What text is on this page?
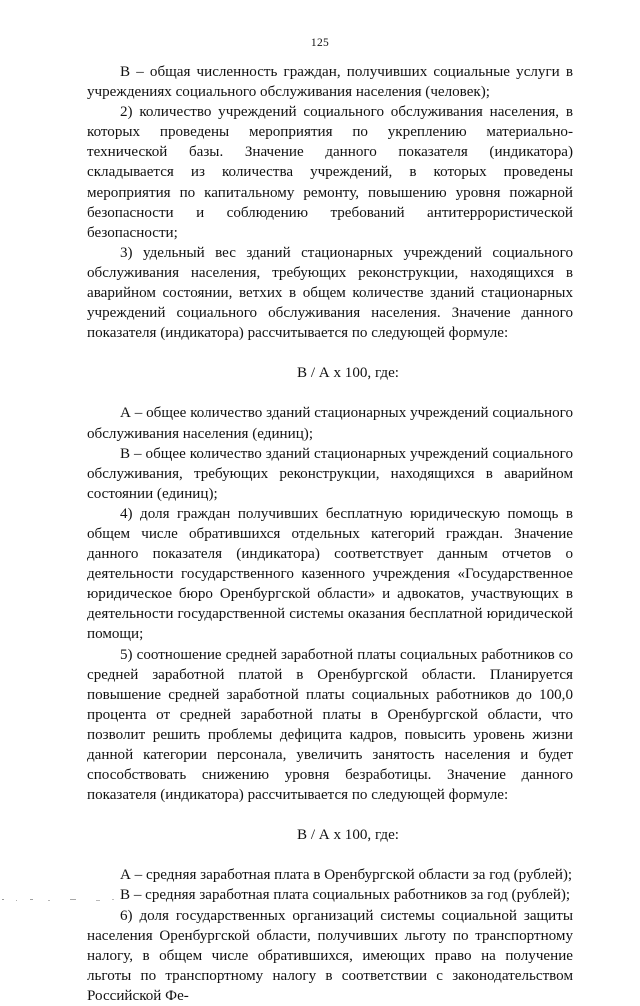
125

В – общая численность граждан, получивших социальные услуги в учреждениях социального обслуживания населения (человек);

2) количество учреждений социального обслуживания населения, в которых проведены мероприятия по укреплению материально-технической базы. Значение данного показателя (индикатора) складывается из количества учреждений, в которых проведены мероприятия по капитальному ремонту, повышению уровня пожарной безопасности и соблюдению требований антитеррористической безопасности;

3) удельный вес зданий стационарных учреждений социального обслуживания населения, требующих реконструкции, находящихся в аварийном состоянии, ветхих в общем количестве зданий стационарных учреждений социального обслуживания населения. Значение данного показателя (индикатора) рассчитывается по следующей формуле:

В / А х 100, где:

А – общее количество зданий стационарных учреждений социального обслуживания населения (единиц);

В – общее количество зданий стационарных учреждений социального обслуживания, требующих реконструкции, находящихся в аварийном состоянии (единиц);

4) доля граждан получивших бесплатную юридическую помощь в общем числе обратившихся отдельных категорий граждан. Значение данного показателя (индикатора) соответствует данным отчетов о деятельности государственного казенного учреждения «Государственное юридическое бюро Оренбургской области» и адвокатов, участвующих в деятельности государственной системы оказания бесплатной юридической помощи;

5) соотношение средней заработной платы социальных работников со средней заработной платой в Оренбургской области. Планируется повышение средней заработной платы социальных работников до 100,0 процента от средней заработной платы в Оренбургской области, что позволит решить проблемы дефицита кадров, повысить уровень жизни данной категории персонала, увеличить занятость населения и будет способствовать снижению уровня безработицы. Значение данного показателя (индикатора) рассчитывается по следующей формуле:

В / А х 100, где:

А – средняя заработная плата в Оренбургской области за год (рублей);

В – средняя заработная плата социальных работников за год (рублей);

6) доля государственных организаций системы социальной защиты населения Оренбургской области, получивших льготу по транспортному налогу, в общем числе обратившихся, имеющих право на получение льготы по транспортному налогу в соответствии с законодательством Российской Фе-
